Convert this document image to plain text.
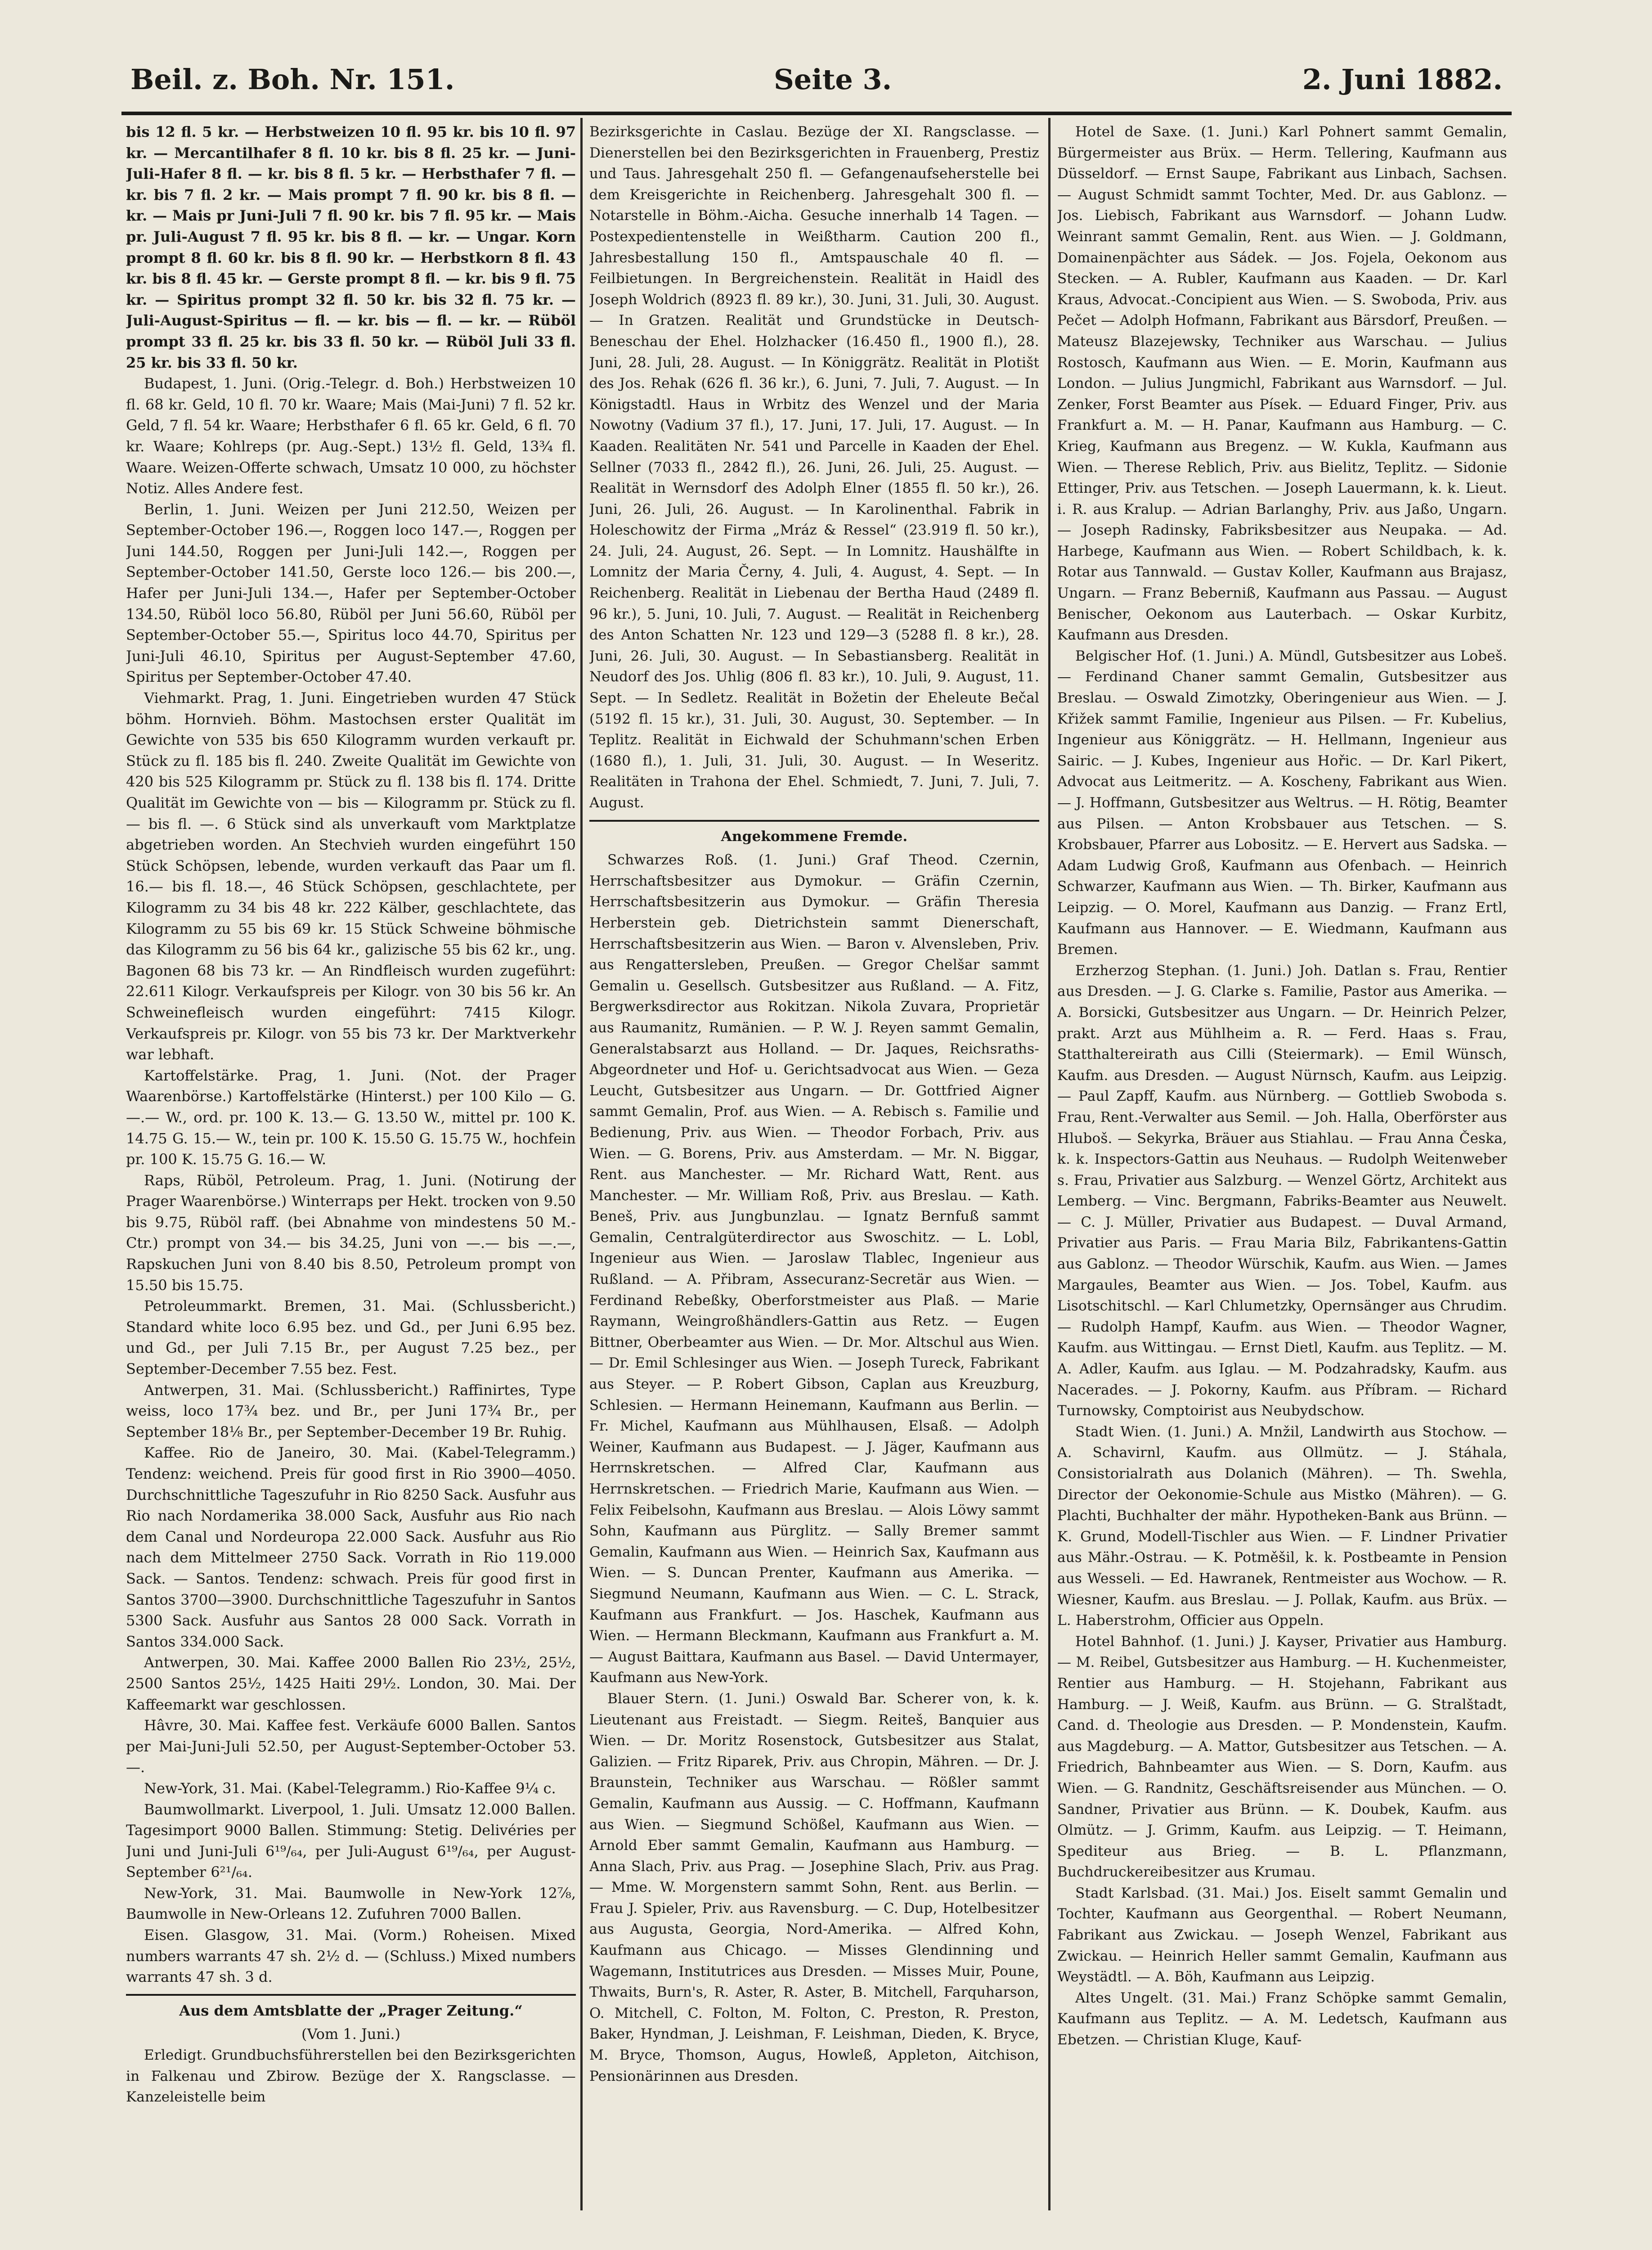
Beil. z. Boh. Nr. 151.	Seite 3.	2. Juni 1882.

bis 12 fl. 5 kr. — Herbstweizen 10 fl. 95 kr. bis 10 fl. 97 kr. — Mercantilhafer 8 fl. 10 kr. bis 8 fl. 25 kr. — Juni-Juli-Hafer 8 fl. — kr. bis 8 fl. 5 kr. — Herbsthafer 7 fl. — kr. bis 7 fl. 2 kr. — Mais prompt 7 fl. 90 kr. bis 8 fl. — kr. — Mais pr Juni-Juli 7 fl. 90 kr. bis 7 fl. 95 kr. — Mais pr. Juli-August 7 fl. 95 kr. bis 8 fl. — kr. — Ungar. Korn prompt 8 fl. 60 kr. bis 8 fl. 90 kr. — Herbstkorn 8 fl. 43 kr. bis 8 fl. 45 kr. — Gerste prompt 8 fl. — kr. bis 9 fl. 75 kr. — Spiritus prompt 32 fl. 50 kr. bis 32 fl. 75 kr. — Juli-August-Spiritus — fl. — kr. bis — fl. — kr. — Rüböl prompt 33 fl. 25 kr. bis 33 fl. 50 kr. — Rüböl Juli 33 fl. 25 kr. bis 33 fl. 50 kr.

Budapest, 1. Juni. (Orig.-Telegr. d. Boh.) Herbstweizen 10 fl. 68 kr. Geld, 10 fl. 70 kr. Waare; Mais (Mai-Juni) 7 fl. 52 kr. Geld, 7 fl. 54 kr. Waare; Herbsthafer 6 fl. 65 kr. Geld, 6 fl. 70 kr. Waare; Kohlreps (pr. Aug.-Sept.) 13½ fl. Geld, 13¾ fl. Waare. Weizen-Offerte schwach, Umsatz 10 000, zu höchster Notiz. Alles Andere fest.

Berlin, 1. Juni. Weizen per Juni 212.50, Weizen per September-October 196.—, Roggen loco 147.—, Roggen per Juni 144.50, Roggen per Juni-Juli 142.—, Roggen per September-October 141.50, Gerste loco 126.— bis 200.—, Hafer per Juni-Juli 134.—, Hafer per September-October 134.50, Rüböl loco 56.80, Rüböl per Juni 56.60, Rüböl per September-October 55.—, Spiritus loco 44.70, Spiritus per Juni-Juli 46.10, Spiritus per August-September 47.60, Spiritus per September-October 47.40.

Viehmarkt. Prag, 1. Juni. Eingetrieben wurden 47 Stück böhm. Hornvieh. Böhm. Mastochsen erster Qualität im Gewichte von 535 bis 650 Kilogramm wurden verkauft pr. Stück zu fl. 185 bis fl. 240. Zweite Qualität im Gewichte von 420 bis 525 Kilogramm pr. Stück zu fl. 138 bis fl. 174. Dritte Qualität im Gewichte von — bis — Kilogramm pr. Stück zu fl. — bis fl. —. 6 Stück sind als unverkauft vom Marktplatze abgetrieben worden. An Stechvieh wurden eingeführt 150 Stück Schöpsen, lebende, wurden verkauft das Paar um fl. 16.— bis fl. 18.—, 46 Stück Schöpsen, geschlachtete, per Kilogramm zu 34 bis 48 kr. 222 Kälber, geschlachtete, das Kilogramm zu 55 bis 69 kr. 15 Stück Schweine böhmische das Kilogramm zu 56 bis 64 kr., galizische 55 bis 62 kr., ung. Bagonen 68 bis 73 kr. — An Rindfleisch wurden zugeführt: 22.611 Kilogr. Verkaufspreis per Kilogr. von 30 bis 56 kr. An Schweinefleisch wurden eingeführt: 7415 Kilogr. Verkaufspreis pr. Kilogr. von 55 bis 73 kr. Der Marktverkehr war lebhaft.

Kartoffelstärke. Prag, 1. Juni. (Not. der Prager Waarenbörse.) Kartoffelstärke (Hinterst.) per 100 Kilo — G. —.— W., ord. pr. 100 K. 13.— G. 13.50 W., mittel pr. 100 K. 14.75 G. 15.— W., tein pr. 100 K. 15.50 G. 15.75 W., hochfein pr. 100 K. 15.75 G. 16.— W.

Raps, Rüböl, Petroleum. Prag, 1. Juni. (Notirung der Prager Waarenbörse.) Winterraps per Hekt. trocken von 9.50 bis 9.75, Rüböl raff. (bei Abnahme von mindestens 50 M.-Ctr.) prompt von 34.— bis 34.25, Juni von —.— bis —.—, Rapskuchen Juni von 8.40 bis 8.50, Petroleum prompt von 15.50 bis 15.75.

Petroleummarkt. Bremen, 31. Mai. (Schlussbericht.) Standard white loco 6.95 bez. und Gd., per Juni 6.95 bez. und Gd., per Juli 7.15 Br., per August 7.25 bez., per September-December 7.55 bez. Fest.

Antwerpen, 31. Mai. (Schlussbericht.) Raffinirtes, Type weiss, loco 17¾ bez. und Br., per Juni 17¾ Br., per September 18⅛ Br., per September-December 19 Br. Ruhig.

Kaffee. Rio de Janeiro, 30. Mai. (Kabel-Telegramm.) Tendenz: weichend. Preis für good first in Rio 3900—4050. Durchschnittliche Tageszufuhr in Rio 8250 Sack. Ausfuhr aus Rio nach Nordamerika 38.000 Sack, Ausfuhr aus Rio nach dem Canal und Nordeuropa 22.000 Sack. Ausfuhr aus Rio nach dem Mittelmeer 2750 Sack. Vorrath in Rio 119.000 Sack. — Santos. Tendenz: schwach. Preis für good first in Santos 3700—3900. Durchschnittliche Tageszufuhr in Santos 5300 Sack. Ausfuhr aus Santos 28 000 Sack. Vorrath in Santos 334.000 Sack.

Antwerpen, 30. Mai. Kaffee 2000 Ballen Rio 23½, 25½, 2500 Santos 25½, 1425 Haiti 29½. London, 30. Mai. Der Kaffeemarkt war geschlossen.

Hâvre, 30. Mai. Kaffee fest. Verkäufe 6000 Ballen. Santos per Mai-Juni-Juli 52.50, per August-September-October 53.—.

New-York, 31. Mai. (Kabel-Telegramm.) Rio-Kaffee 9¼ c.

Baumwollmarkt. Liverpool, 1. Juli. Umsatz 12.000 Ballen. Tagesimport 9000 Ballen. Stimmung: Stetig. Delivéries per Juni und Juni-Juli 6¹⁹/₆₄, per Juli-August 6¹⁹/₆₄, per August-September 6²¹/₆₄.

New-York, 31. Mai. Baumwolle in New-York 12⅞, Baumwolle in New-Orleans 12. Zufuhren 7000 Ballen.

Eisen. Glasgow, 31. Mai. (Vorm.) Roheisen. Mixed numbers warrants 47 sh. 2½ d. — (Schluss.) Mixed numbers warrants 47 sh. 3 d.

Aus dem Amtsblatte der „Prager Zeitung.“

(Vom 1. Juni.)

Erledigt. Grundbuchsführerstellen bei den Bezirksgerichten in Falkenau und Zbirow. Bezüge der X. Rangsclasse. — Kanzeleistelle beim

Bezirksgerichte in Caslau. Bezüge der XI. Rangsclasse. — Dienerstellen bei den Bezirksgerichten in Frauenberg, Prestiz und Taus. Jahresgehalt 250 fl. — Gefangenaufseherstelle bei dem Kreisgerichte in Reichenberg. Jahresgehalt 300 fl. — Notarstelle in Böhm.-Aicha. Gesuche innerhalb 14 Tagen. — Postexpedientenstelle in Weißtharm. Caution 200 fl., Jahresbestallung 150 fl., Amtspauschale 40 fl. — Feilbietungen. In Bergreichenstein. Realität in Haidl des Joseph Woldrich (8923 fl. 89 kr.), 30. Juni, 31. Juli, 30. August. — In Gratzen. Realität und Grundstücke in Deutsch-Beneschau der Ehel. Holzhacker (16.450 fl., 1900 fl.), 28. Juni, 28. Juli, 28. August. — In Königgrätz. Realität in Plotišt des Jos. Rehak (626 fl. 36 kr.), 6. Juni, 7. Juli, 7. August. — In Königstadtl. Haus in Wrbitz des Wenzel und der Maria Nowotny (Vadium 37 fl.), 17. Juni, 17. Juli, 17. August. — In Kaaden. Realitäten Nr. 541 und Parcelle in Kaaden der Ehel. Sellner (7033 fl., 2842 fl.), 26. Juni, 26. Juli, 25. August. — Realität in Wernsdorf des Adolph Elner (1855 fl. 50 kr.), 26. Juni, 26. Juli, 26. August. — In Karolinenthal. Fabrik in Holeschowitz der Firma „Mráz & Ressel“ (23.919 fl. 50 kr.), 24. Juli, 24. August, 26. Sept. — In Lomnitz. Haushälfte in Lomnitz der Maria Černy, 4. Juli, 4. August, 4. Sept. — In Reichenberg. Realität in Liebenau der Bertha Haud (2489 fl. 96 kr.), 5. Juni, 10. Juli, 7. August. — Realität in Reichenberg des Anton Schatten Nr. 123 und 129—3 (5288 fl. 8 kr.), 28. Juni, 26. Juli, 30. August. — In Sebastiansberg. Realität in Neudorf des Jos. Uhlig (806 fl. 83 kr.), 10. Juli, 9. August, 11. Sept. — In Sedletz. Realität in Božetin der Eheleute Bečal (5192 fl. 15 kr.), 31. Juli, 30. August, 30. September. — In Teplitz. Realität in Eichwald der Schuhmann'schen Erben (1680 fl.), 1. Juli, 31. Juli, 30. August. — In Weseritz. Realitäten in Trahona der Ehel. Schmiedt, 7. Juni, 7. Juli, 7. August.

Angekommene Fremde.

Schwarzes Roß. (1. Juni.) Graf Theod. Czernin, Herrschaftsbesitzer aus Dymokur. — Gräfin Czernin, Herrschaftsbesitzerin aus Dymokur. — Gräfin Theresia Herberstein geb. Dietrichstein sammt Dienerschaft, Herrschaftsbesitzerin aus Wien. — Baron v. Alvensleben, Priv. aus Rengattersleben, Preußen. — Gregor Chelšar sammt Gemalin u. Gesellsch. Gutsbesitzer aus Rußland. — A. Fitz, Bergwerksdirector aus Rokitzan. Nikola Zuvara, Proprietär aus Raumanitz, Rumänien. — P. W. J. Reyen sammt Gemalin, Generalstabsarzt aus Holland. — Dr. Jaques, Reichsraths-Abgeordneter und Hof- u. Gerichtsadvocat aus Wien. — Geza Leucht, Gutsbesitzer aus Ungarn. — Dr. Gottfried Aigner sammt Gemalin, Prof. aus Wien. — A. Rebisch s. Familie und Bedienung, Priv. aus Wien. — Theodor Forbach, Priv. aus Wien. — G. Borens, Priv. aus Amsterdam. — Mr. N. Biggar, Rent. aus Manchester. — Mr. Richard Watt, Rent. aus Manchester. — Mr. William Roß, Priv. aus Breslau. — Kath. Beneš, Priv. aus Jungbunzlau. — Ignatz Bernfuß sammt Gemalin, Centralgüterdirector aus Swoschitz. — L. Lobl, Ingenieur aus Wien. — Jaroslaw Tlablec, Ingenieur aus Rußland. — A. Přibram, Assecuranz-Secretär aus Wien. — Ferdinand Rebeßky, Oberforstmeister aus Plaß. — Marie Raymann, Weingroßhändlers-Gattin aus Retz. — Eugen Bittner, Oberbeamter aus Wien. — Dr. Mor. Altschul aus Wien. — Dr. Emil Schlesinger aus Wien. — Joseph Tureck, Fabrikant aus Steyer. — P. Robert Gibson, Caplan aus Kreuzburg, Schlesien. — Hermann Heinemann, Kaufmann aus Berlin. — Fr. Michel, Kaufmann aus Mühlhausen, Elsaß. — Adolph Weiner, Kaufmann aus Budapest. — J. Jäger, Kaufmann aus Herrnskretschen. — Alfred Clar, Kaufmann aus Herrnskretschen. — Friedrich Marie, Kaufmann aus Wien. — Felix Feibelsohn, Kaufmann aus Breslau. — Alois Löwy sammt Sohn, Kaufmann aus Pürglitz. — Sally Bremer sammt Gemalin, Kaufmann aus Wien. — Heinrich Sax, Kaufmann aus Wien. — S. Duncan Prenter, Kaufmann aus Amerika. — Siegmund Neumann, Kaufmann aus Wien. — C. L. Strack, Kaufmann aus Frankfurt. — Jos. Haschek, Kaufmann aus Wien. — Hermann Bleckmann, Kaufmann aus Frankfurt a. M. — August Baittara, Kaufmann aus Basel. — David Untermayer, Kaufmann aus New-York.

Blauer Stern. (1. Juni.) Oswald Bar. Scherer von, k. k. Lieutenant aus Freistadt. — Siegm. Reiteš, Banquier aus Wien. — Dr. Moritz Rosenstock, Gutsbesitzer aus Stalat, Galizien. — Fritz Riparek, Priv. aus Chropin, Mähren. — Dr. J. Braunstein, Techniker aus Warschau. — Rößler sammt Gemalin, Kaufmann aus Aussig. — C. Hoffmann, Kaufmann aus Wien. — Siegmund Schößel, Kaufmann aus Wien. — Arnold Eber sammt Gemalin, Kaufmann aus Hamburg. — Anna Slach, Priv. aus Prag. — Josephine Slach, Priv. aus Prag. — Mme. W. Morgenstern sammt Sohn, Rent. aus Berlin. — Frau J. Spieler, Priv. aus Ravensburg. — C. Dup, Hotelbesitzer aus Augusta, Georgia, Nord-Amerika. — Alfred Kohn, Kaufmann aus Chicago. — Misses Glendinning und Wagemann, Institutrices aus Dresden. — Misses Muir, Poune, Thwaits, Burn's, R. Aster, R. Aster, B. Mitchell, Farquharson, O. Mitchell, C. Folton, M. Folton, C. Preston, R. Preston, Baker, Hyndman, J. Leishman, F. Leishman, Dieden, K. Bryce, M. Bryce, Thomson, Augus, Howleß, Appleton, Aitchison, Pensionärinnen aus Dresden.

Hotel de Saxe. (1. Juni.) Karl Pohnert sammt Gemalin, Bürgermeister aus Brüx. — Herm. Tellering, Kaufmann aus Düsseldorf. — Ernst Saupe, Fabrikant aus Linbach, Sachsen. — August Schmidt sammt Tochter, Med. Dr. aus Gablonz. — Jos. Liebisch, Fabrikant aus Warnsdorf. — Johann Ludw. Weinrant sammt Gemalin, Rent. aus Wien. — J. Goldmann, Domainenpächter aus Sádek. — Jos. Fojela, Oekonom aus Stecken. — A. Rubler, Kaufmann aus Kaaden. — Dr. Karl Kraus, Advocat.-Concipient aus Wien. — S. Swoboda, Priv. aus Pečet — Adolph Hofmann, Fabrikant aus Bärsdorf, Preußen. — Mateusz Blazejewsky, Techniker aus Warschau. — Julius Rostosch, Kaufmann aus Wien. — E. Morin, Kaufmann aus London. — Julius Jungmichl, Fabrikant aus Warnsdorf. — Jul. Zenker, Forst Beamter aus Písek. — Eduard Finger, Priv. aus Frankfurt a. M. — H. Panar, Kaufmann aus Hamburg. — C. Krieg, Kaufmann aus Bregenz. — W. Kukla, Kaufmann aus Wien. — Therese Reblich, Priv. aus Bielitz, Teplitz. — Sidonie Ettinger, Priv. aus Tetschen. — Joseph Lauermann, k. k. Lieut. i. R. aus Kralup. — Adrian Barlanghy, Priv. aus Jaßo, Ungarn. — Joseph Radinsky, Fabriksbesitzer aus Neupaka. — Ad. Harbege, Kaufmann aus Wien. — Robert Schildbach, k. k. Rotar aus Tannwald. — Gustav Koller, Kaufmann aus Brajasz, Ungarn. — Franz Beberniß, Kaufmann aus Passau. — August Benischer, Oekonom aus Lauterbach. — Oskar Kurbitz, Kaufmann aus Dresden.

Belgischer Hof. (1. Juni.) A. Mündl, Gutsbesitzer aus Lobeš. — Ferdinand Chaner sammt Gemalin, Gutsbesitzer aus Breslau. — Oswald Zimotzky, Oberingenieur aus Wien. — J. Křižek sammt Familie, Ingenieur aus Pilsen. — Fr. Kubelius, Ingenieur aus Königgrätz. — H. Hellmann, Ingenieur aus Sairic. — J. Kubes, Ingenieur aus Hořic. — Dr. Karl Pikert, Advocat aus Leitmeritz. — A. Koscheny, Fabrikant aus Wien. — J. Hoffmann, Gutsbesitzer aus Weltrus. — H. Rötig, Beamter aus Pilsen. — Anton Krobsbauer aus Tetschen. — S. Krobsbauer, Pfarrer aus Lobositz. — E. Hervert aus Sadska. — Adam Ludwig Groß, Kaufmann aus Ofenbach. — Heinrich Schwarzer, Kaufmann aus Wien. — Th. Birker, Kaufmann aus Leipzig. — O. Morel, Kaufmann aus Danzig. — Franz Ertl, Kaufmann aus Hannover. — E. Wiedmann, Kaufmann aus Bremen.

Erzherzog Stephan. (1. Juni.) Joh. Datlan s. Frau, Rentier aus Dresden. — J. G. Clarke s. Familie, Pastor aus Amerika. — A. Borsicki, Gutsbesitzer aus Ungarn. — Dr. Heinrich Pelzer, prakt. Arzt aus Mühlheim a. R. — Ferd. Haas s. Frau, Statthaltereirath aus Cilli (Steiermark). — Emil Wünsch, Kaufm. aus Dresden. — August Nürnsch, Kaufm. aus Leipzig. — Paul Zapff, Kaufm. aus Nürnberg. — Gottlieb Swoboda s. Frau, Rent.-Verwalter aus Semil. — Joh. Halla, Oberförster aus Hluboš. — Sekyrka, Bräuer aus Stiahlau. — Frau Anna Česka, k. k. Inspectors-Gattin aus Neuhaus. — Rudolph Weitenweber s. Frau, Privatier aus Salzburg. — Wenzel Görtz, Architekt aus Lemberg. — Vinc. Bergmann, Fabriks-Beamter aus Neuwelt. — C. J. Müller, Privatier aus Budapest. — Duval Armand, Privatier aus Paris. — Frau Maria Bilz, Fabrikantens-Gattin aus Gablonz. — Theodor Würschik, Kaufm. aus Wien. — James Margaules, Beamter aus Wien. — Jos. Tobel, Kaufm. aus Lisotschitschl. — Karl Chlumetzky, Opernsänger aus Chrudim. — Rudolph Hampf, Kaufm. aus Wien. — Theodor Wagner, Kaufm. aus Wittingau. — Ernst Dietl, Kaufm. aus Teplitz. — M. A. Adler, Kaufm. aus Iglau. — M. Podzahradsky, Kaufm. aus Nacerades. — J. Pokorny, Kaufm. aus Příbram. — Richard Turnowsky, Comptoirist aus Neubydschow.

Stadt Wien. (1. Juni.) A. Mnžil, Landwirth aus Stochow. — A. Schavirnl, Kaufm. aus Ollmütz. — J. Stáhala, Consistorialrath aus Dolanich (Mähren). — Th. Swehla, Director der Oekonomie-Schule aus Mistko (Mähren). — G. Plachti, Buchhalter der mähr. Hypotheken-Bank aus Brünn. — K. Grund, Modell-Tischler aus Wien. — F. Lindner Privatier aus Mähr.-Ostrau. — K. Potměšil, k. k. Postbeamte in Pension aus Wesseli. — Ed. Hawranek, Rentmeister aus Wochow. — R. Wiesner, Kaufm. aus Breslau. — J. Pollak, Kaufm. aus Brüx. — L. Haberstrohm, Officier aus Oppeln.

Hotel Bahnhof. (1. Juni.) J. Kayser, Privatier aus Hamburg. — M. Reibel, Gutsbesitzer aus Hamburg. — H. Kuchenmeister, Rentier aus Hamburg. — H. Stojehann, Fabrikant aus Hamburg. — J. Weiß, Kaufm. aus Brünn. — G. Stralštadt, Cand. d. Theologie aus Dresden. — P. Mondenstein, Kaufm. aus Magdeburg. — A. Mattor, Gutsbesitzer aus Tetschen. — A. Friedrich, Bahnbeamter aus Wien. — S. Dorn, Kaufm. aus Wien. — G. Randnitz, Geschäftsreisender aus München. — O. Sandner, Privatier aus Brünn. — K. Doubek, Kaufm. aus Olmütz. — J. Grimm, Kaufm. aus Leipzig. — T. Heimann, Spediteur aus Brieg. — B. L. Pflanzmann, Buchdruckereibesitzer aus Krumau.

Stadt Karlsbad. (31. Mai.) Jos. Eiselt sammt Gemalin und Tochter, Kaufmann aus Georgenthal. — Robert Neumann, Fabrikant aus Zwickau. — Joseph Wenzel, Fabrikant aus Zwickau. — Heinrich Heller sammt Gemalin, Kaufmann aus Weystädtl. — A. Böh, Kaufmann aus Leipzig.

Altes Ungelt. (31. Mai.) Franz Schöpke sammt Gemalin, Kaufmann aus Teplitz. — A. M. Ledetsch, Kaufmann aus Ebetzen. — Christian Kluge, Kauf-
